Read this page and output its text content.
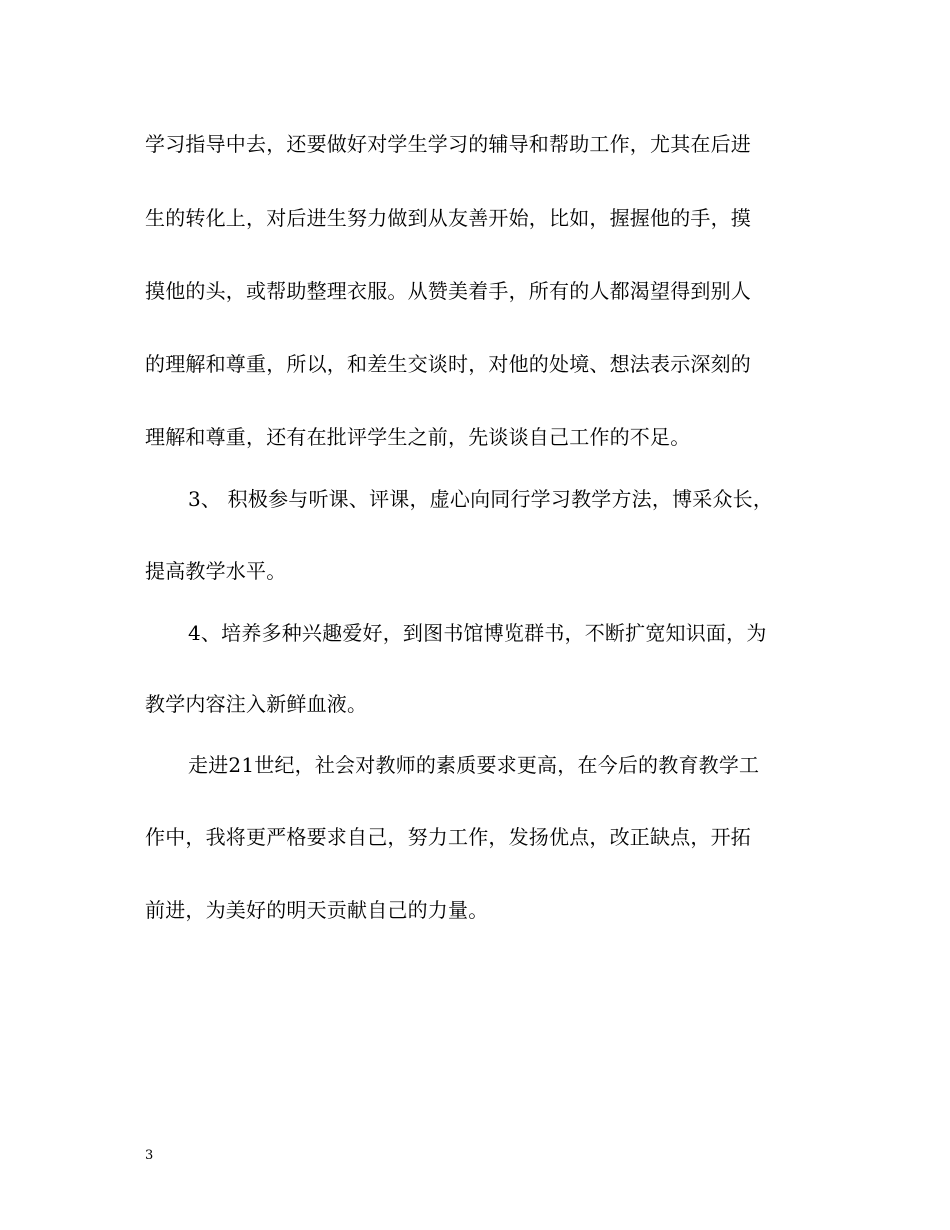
学习指导中去，还要做好对学生学习的辅导和帮助工作，尤其在后进
生的转化上，对后进生努力做到从友善开始，比如，握握他的手，摸
摸他的头，或帮助整理衣服。从赞美着手，所有的人都渴望得到别人
的理解和尊重，所以，和差生交谈时，对他的处境、想法表示深刻的
理解和尊重，还有在批评学生之前，先谈谈自己工作的不足。
3、 积极参与听课、评课，虚心向同行学习教学方法，博采众长，
提高教学水平。
4、培养多种兴趣爱好，到图书馆博览群书，不断扩宽知识面，为
教学内容注入新鲜血液。
走进21世纪，社会对教师的素质要求更高，在今后的教育教学工
作中，我将更严格要求自己，努力工作，发扬优点，改正缺点，开拓
前进，为美好的明天贡献自己的力量。
3
